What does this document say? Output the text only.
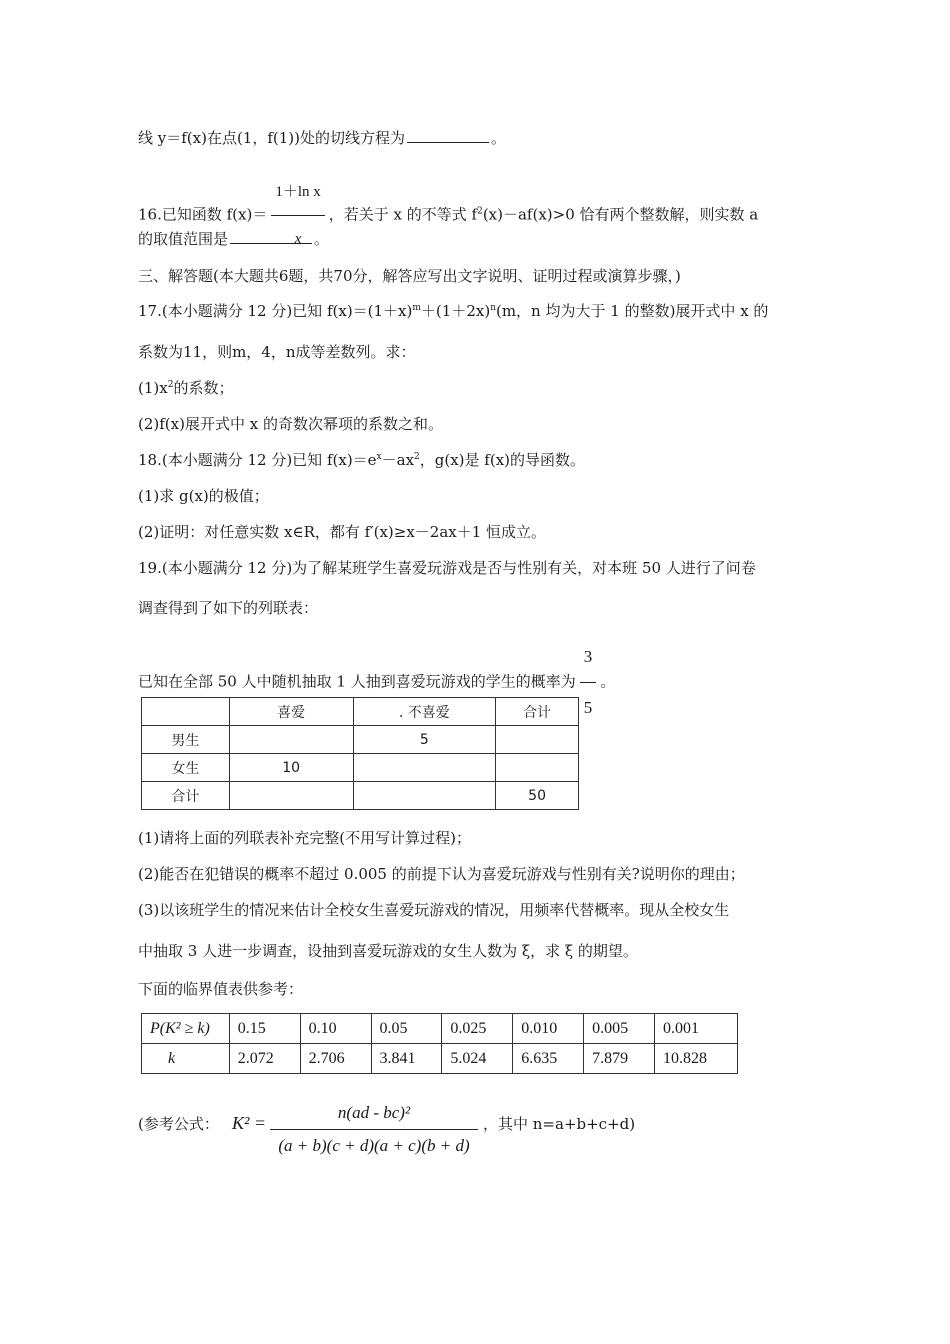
线 y＝f(x)在点(1，f(1))处的切线方程为	。
16.已知函数 $f(x)= \frac{\text{1＋ln x}}{x}$ ，若关于 x 的不等式 $f^2(x)-af(x)>0$ 恰有两个整数解，则实数 a
的取值范围是	。
三、解答题(本大题共6题，共70分，解答应写出文字说明、证明过程或演算步骤，)
17.(本小题满分 12 分)已知 $f(x)=(1+x)^m+(1+2x)^n(m$，n 均为大于 1 的整数)展开式中 x 的
系数为11，则m，4，n成等差数列。求：
$(1)x^2$的系数；
(2)f(x)展开式中 x 的奇数次幂项的系数之和。
18.(本小题满分 12 分)已知 $f(x)=e^x-ax^2$，g(x)是 f(x)的导函数。
(1)求 g(x)的极值；
(2)证明：对任意实数 x∈R，都有 f′(x)≥x－2ax＋1 恒成立。
19.(本小题满分 12 分)为了解某班学生喜爱玩游戏是否与性别有关，对本班 50 人进行了问卷
调查得到了如下的列联表：
已知在全部 50 人中随机抽取 1 人抽到喜爱玩游戏的学生的概率为 $\frac{3}{5}$ 。
	喜爱	. 不喜爱	合计
男生		5	
女生	10		
合计			50
(1)请将上面的列联表补充完整(不用写计算过程)；
(2)能否在犯错误的概率不超过 0.005 的前提下认为喜爱玩游戏与性别有关?说明你的理由；
(3)以该班学生的情况来估计全校女生喜爱玩游戏的情况，用频率代替概率。现从全校女生
中抽取 3 人进一步调查，设抽到喜爱玩游戏的女生人数为 ξ，求 ξ 的期望。
下面的临界值表供参考：
P(K² ≥ k)	0.15	0.10	0.05	0.025	0.010	0.005	0.001
k	2.072	2.706	3.841	5.024	6.635	7.879	10.828
(参考公式： $K^2 = \frac{\text{n(ad - bc)²}}{(a + b)(c + d)(a + c)(b + d)}$ ，其中 n=a+b+c+d)
